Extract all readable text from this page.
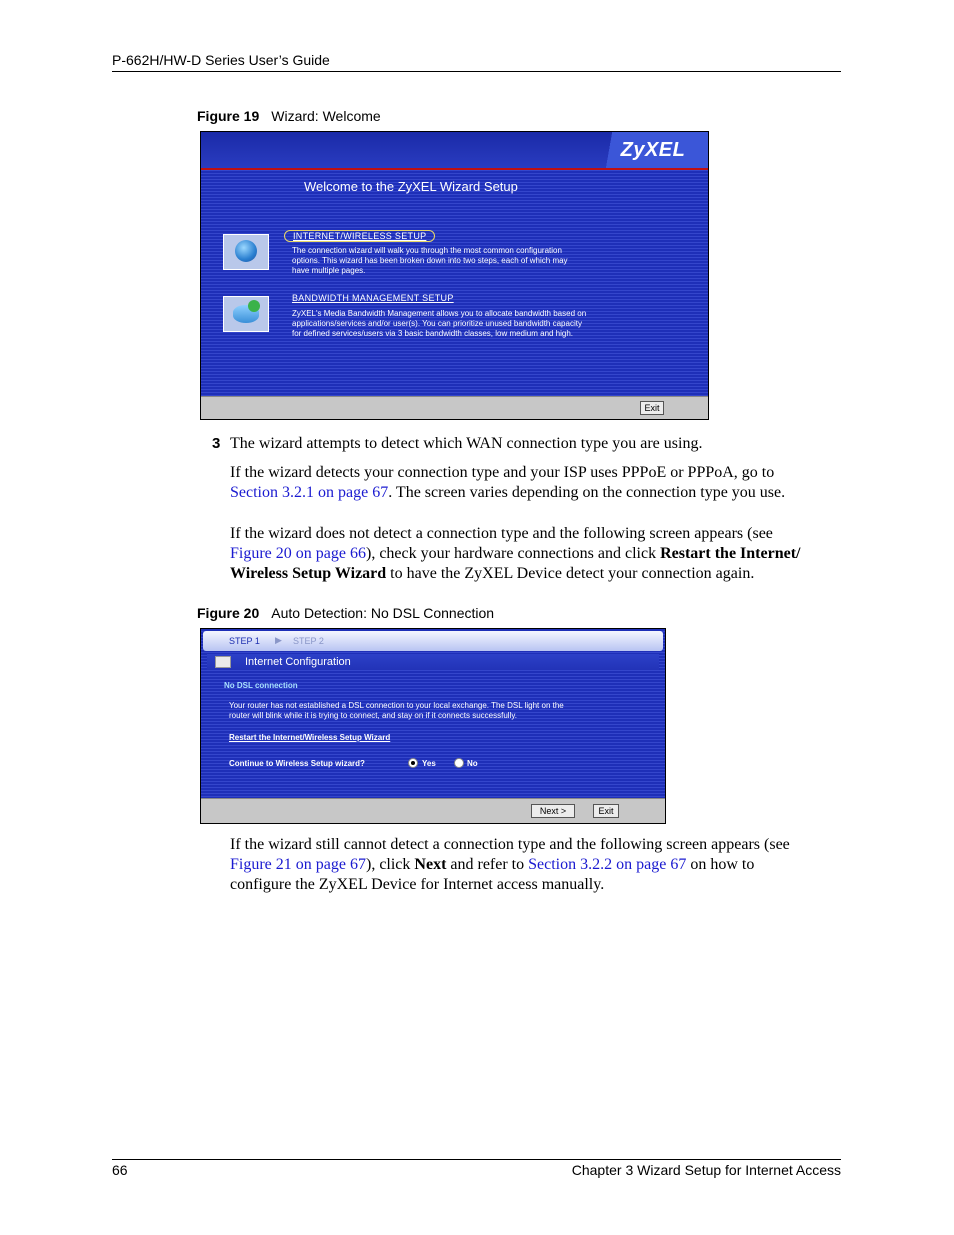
P-662H/HW-D Series User’s Guide
Figure 19 Wizard: Welcome
ZyXEL
Welcome to the ZyXEL Wizard Setup
INTERNET/WIRELESS SETUP
The connection wizard will walk you through the most common configuration
options. This wizard has been broken down into two steps, each of which may
have multiple pages.
BANDWIDTH MANAGEMENT SETUP
ZyXEL's Media Bandwidth Management allows you to allocate bandwidth based on
applications/services and/or user(s). You can prioritize unused bandwidth capacity
for defined services/users via 3 basic bandwidth classes, low medium and high.
Exit
3 The wizard attempts to detect which WAN connection type you are using.
If the wizard detects your connection type and your ISP uses PPPoE or PPPoA, go to
Section 3.2.1 on page 67. The screen varies depending on the connection type you use.
If the wizard does not detect a connection type and the following screen appears (see
Figure 20 on page 66), check your hardware connections and click Restart the Internet/
Wireless Setup Wizard to have the ZyXEL Device detect your connection again.
Figure 20 Auto Detection: No DSL Connection
STEP 1 ▶ STEP 2
Internet Configuration
No DSL connection
Your router has not established a DSL connection to your local exchange. The DSL light on the
router will blink while it is trying to connect, and stay on if it connects successfully.
Restart the Internet/Wireless Setup Wizard
Continue to Wireless Setup wizard?	Yes	No
Next >	Exit
If the wizard still cannot detect a connection type and the following screen appears (see
Figure 21 on page 67), click Next and refer to Section 3.2.2 on page 67 on how to
configure the ZyXEL Device for Internet access manually.
66	Chapter 3 Wizard Setup for Internet Access
